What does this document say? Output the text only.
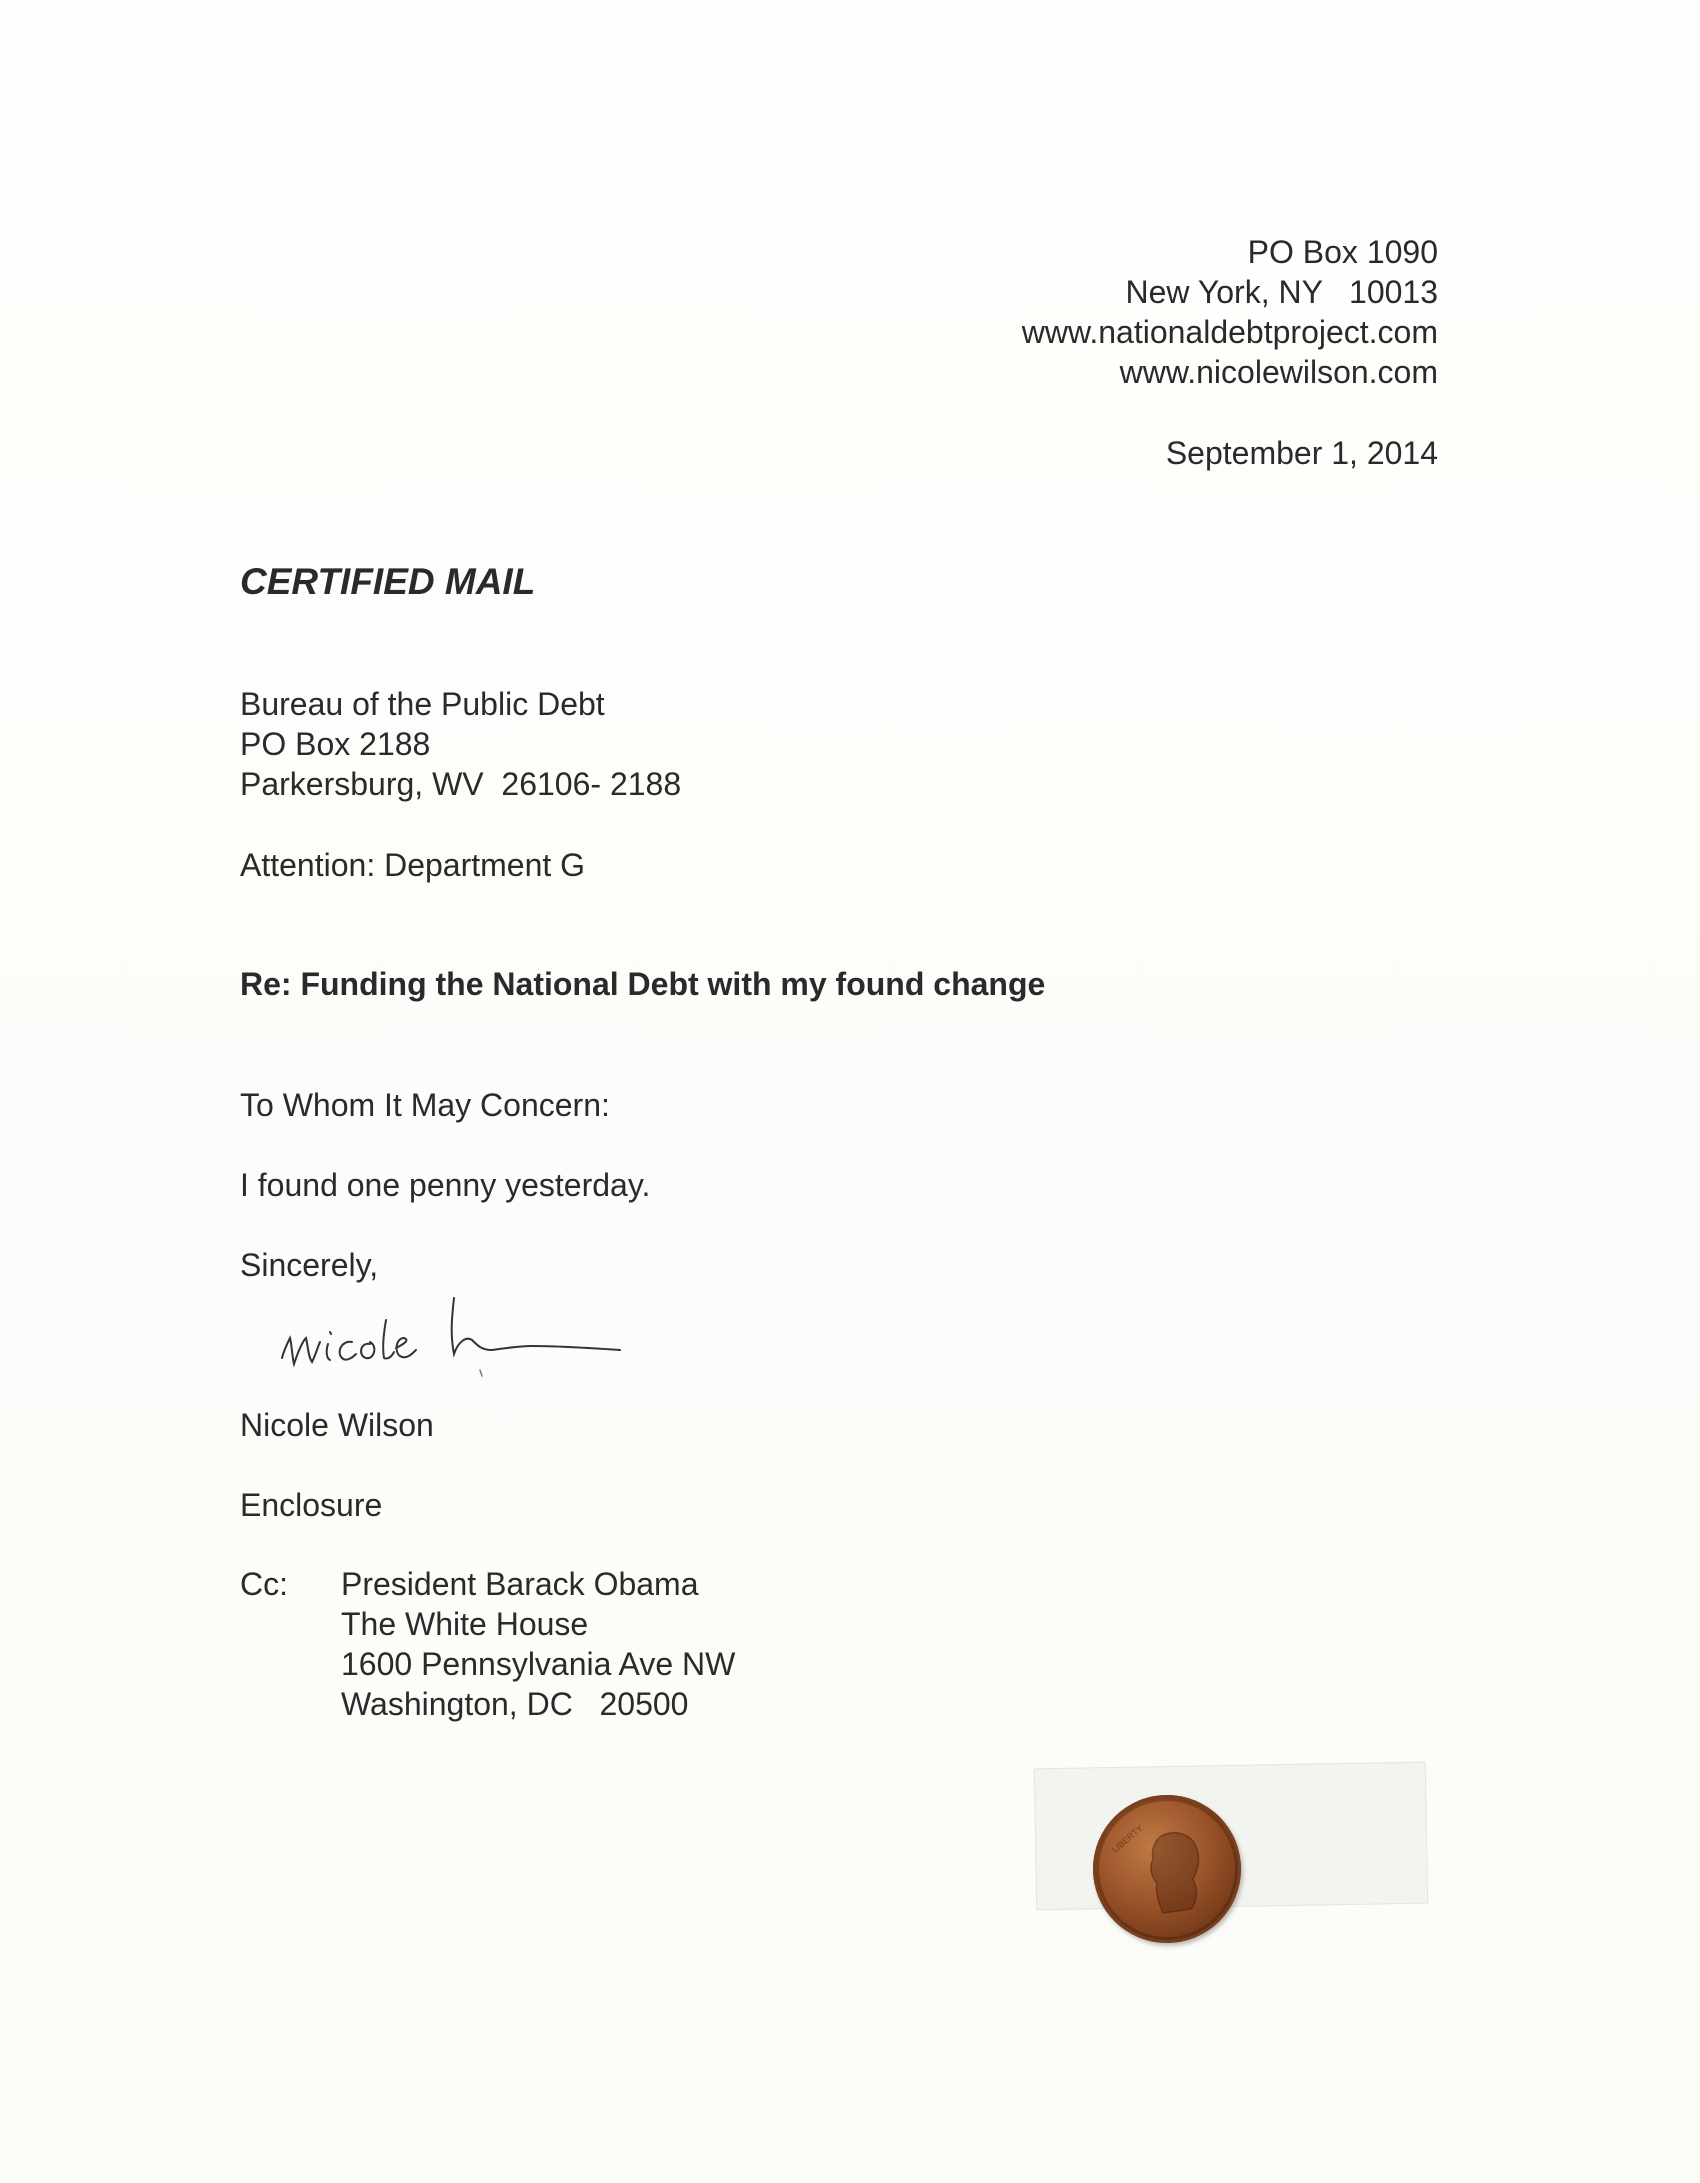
PO Box 1090
New York, NY   10013
www.nationaldebtproject.com
www.nicolewilson.com
September 1, 2014
CERTIFIED MAIL
Bureau of the Public Debt
PO Box 2188
Parkersburg, WV  26106- 2188
Attention: Department G
Re: Funding the National Debt with my found change
To Whom It May Concern:
I found one penny yesterday.
Sincerely,
Nicole Wilson
Enclosure
Cc: President Barack Obama
The White House
1600 Pennsylvania Ave NW
Washington, DC   20500
LIBERTY
